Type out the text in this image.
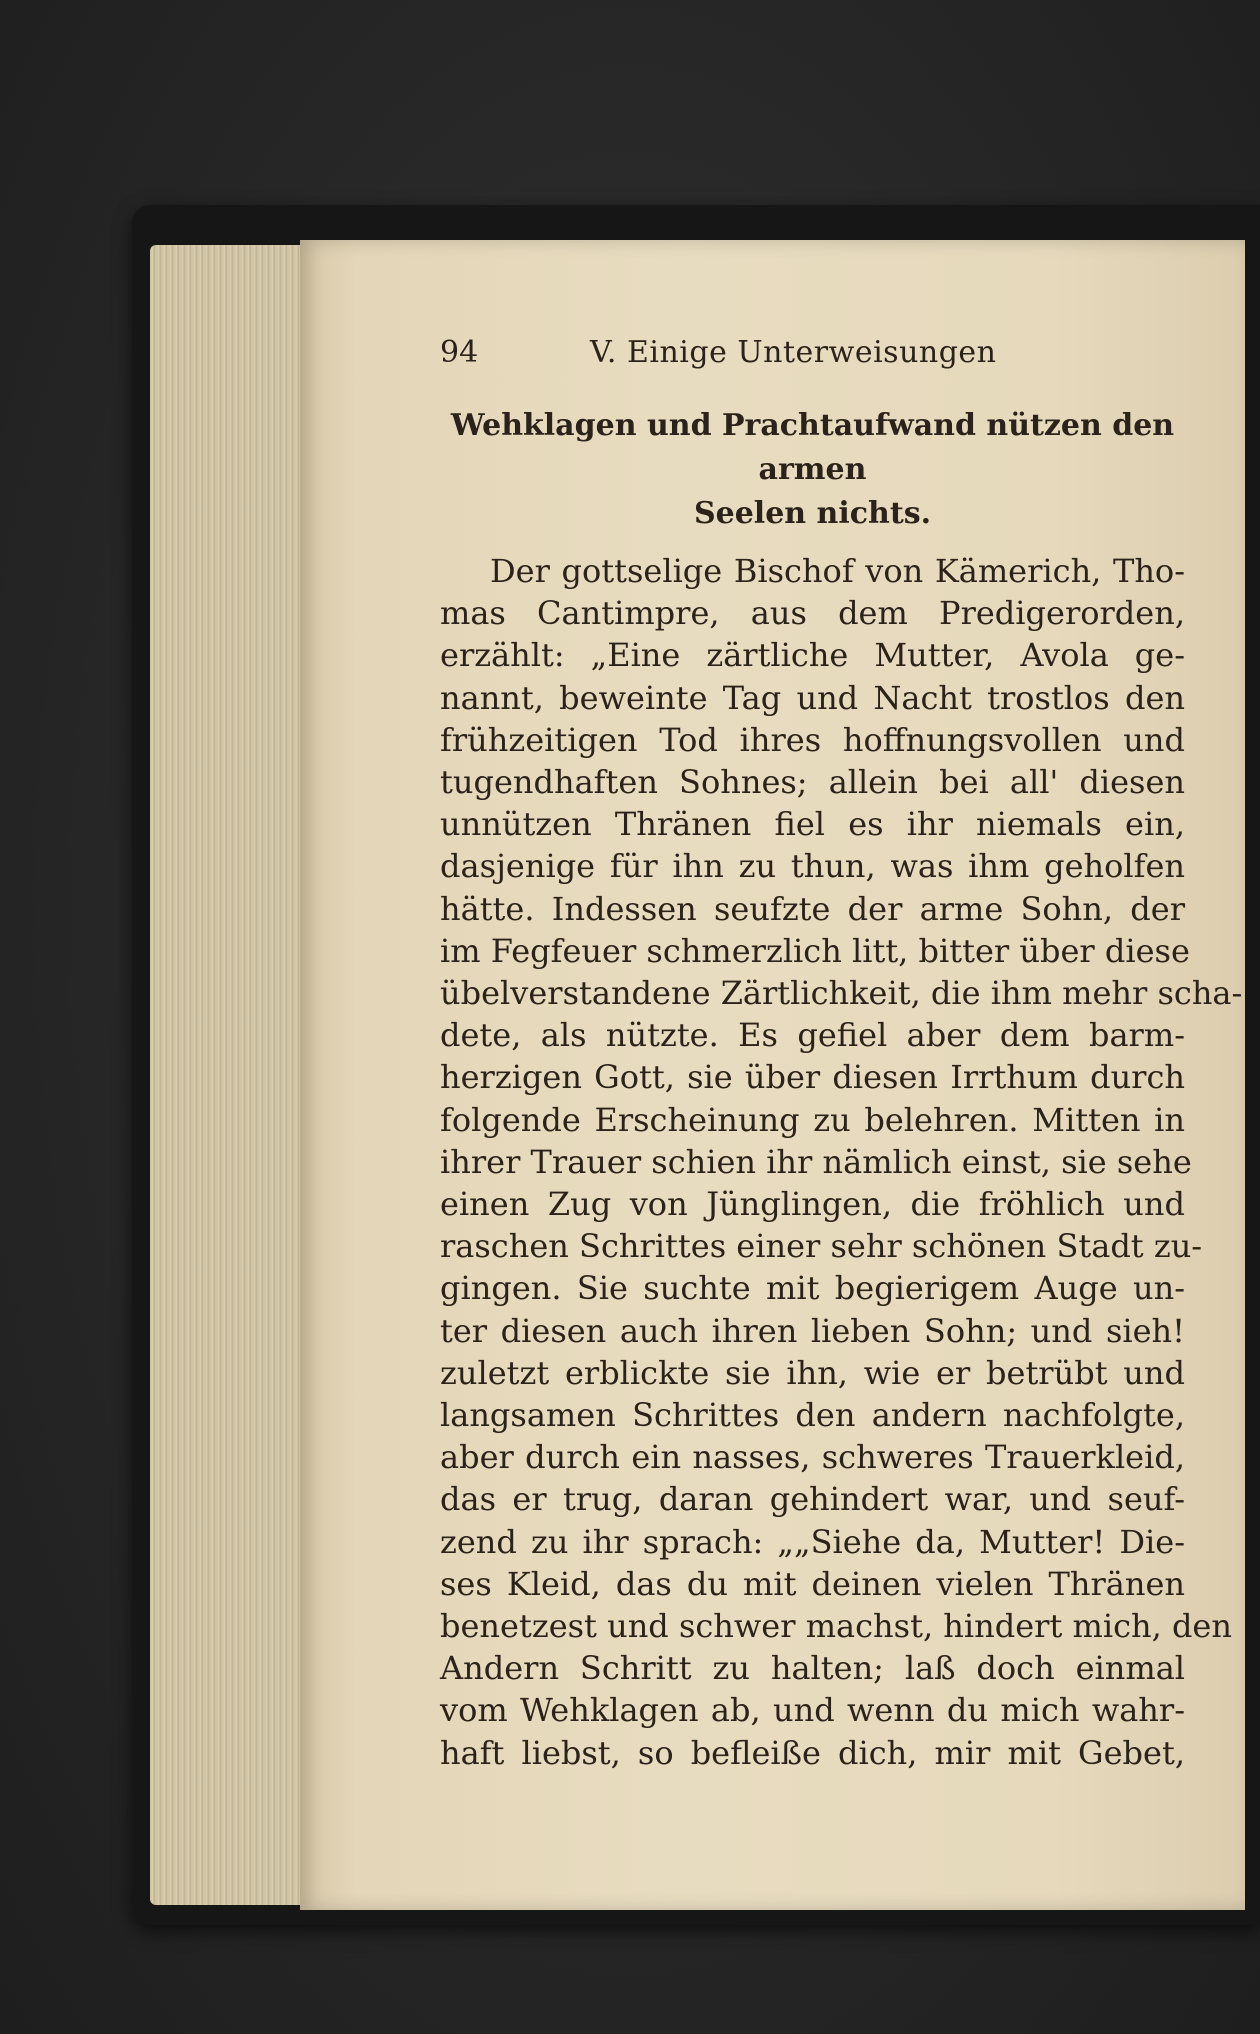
94	V. Einige Unterweisungen
Wehklagen und Prachtaufwand nützen den armen
Seelen nichts.
Der gottselige Bischof von Kämerich, Tho-
mas Cantimpre, aus dem Predigerorden,
erzählt: „Eine zärtliche Mutter, Avola ge-
nannt, beweinte Tag und Nacht trostlos den
frühzeitigen Tod ihres hoffnungsvollen und
tugendhaften Sohnes; allein bei all' diesen
unnützen Thränen fiel es ihr niemals ein,
dasjenige für ihn zu thun, was ihm geholfen
hätte. Indessen seufzte der arme Sohn, der
im Fegfeuer schmerzlich litt, bitter über diese
übelverstandene Zärtlichkeit, die ihm mehr scha-
dete, als nützte. Es gefiel aber dem barm-
herzigen Gott, sie über diesen Irrthum durch
folgende Erscheinung zu belehren. Mitten in
ihrer Trauer schien ihr nämlich einst, sie sehe
einen Zug von Jünglingen, die fröhlich und
raschen Schrittes einer sehr schönen Stadt zu-
gingen. Sie suchte mit begierigem Auge un-
ter diesen auch ihren lieben Sohn; und sieh!
zuletzt erblickte sie ihn, wie er betrübt und
langsamen Schrittes den andern nachfolgte,
aber durch ein nasses, schweres Trauerkleid,
das er trug, daran gehindert war, und seuf-
zend zu ihr sprach: „„Siehe da, Mutter! Die-
ses Kleid, das du mit deinen vielen Thränen
benetzest und schwer machst, hindert mich, den
Andern Schritt zu halten; laß doch einmal
vom Wehklagen ab, und wenn du mich wahr-
haft liebst, so befleiße dich, mir mit Gebet,
